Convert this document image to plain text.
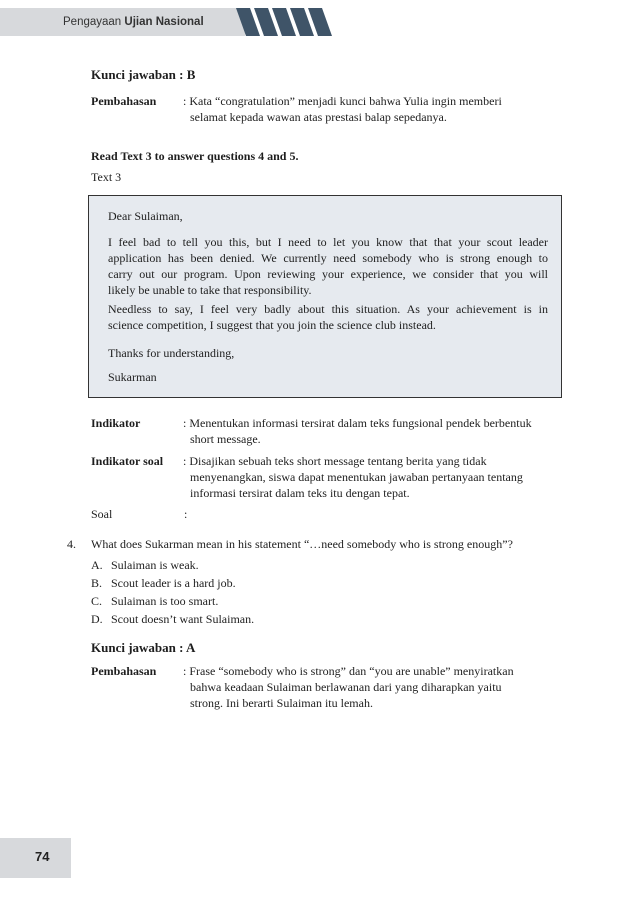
Pengayaan Ujian Nasional
Kunci jawaban : B
Pembahasan : Kata “congratulation” menjadi kunci bahwa Yulia ingin memberi
selamat kepada wawan atas prestasi balap sepedanya.
Read Text 3 to answer questions 4 and 5.
Text 3
Dear Sulaiman,
I feel bad to tell you this, but I need to let you know that that your scout leader
application has been denied. We currently need somebody who is strong enough to
carry out our program. Upon reviewing your experience, we consider that you will
likely be unable to take that responsibility.
Needless to say, I feel very badly about this situation. As your achievement is in
science competition, I suggest that you join the science club instead.
Thanks for understanding,
Sukarman
Indikator	: Menentukan informasi tersirat dalam teks fungsional pendek berbentuk
short message.
Indikator soal : Disajikan sebuah teks short message tentang berita yang tidak
menyenangkan, siswa dapat menentukan jawaban pertanyaan tentang
informasi tersirat dalam teks itu dengan tepat.
Soal	:
4. What does Sukarman mean in his statement “…need somebody who is strong enough”?
A. Sulaiman is weak.
B. Scout leader is a hard job.
C. Sulaiman is too smart.
D. Scout doesn’t want Sulaiman.
Kunci jawaban : A
Pembahasan : Frase “somebody who is strong” dan “you are unable” menyiratkan
bahwa keadaan Sulaiman berlawanan dari yang diharapkan yaitu
strong. Ini berarti Sulaiman itu lemah.
74
